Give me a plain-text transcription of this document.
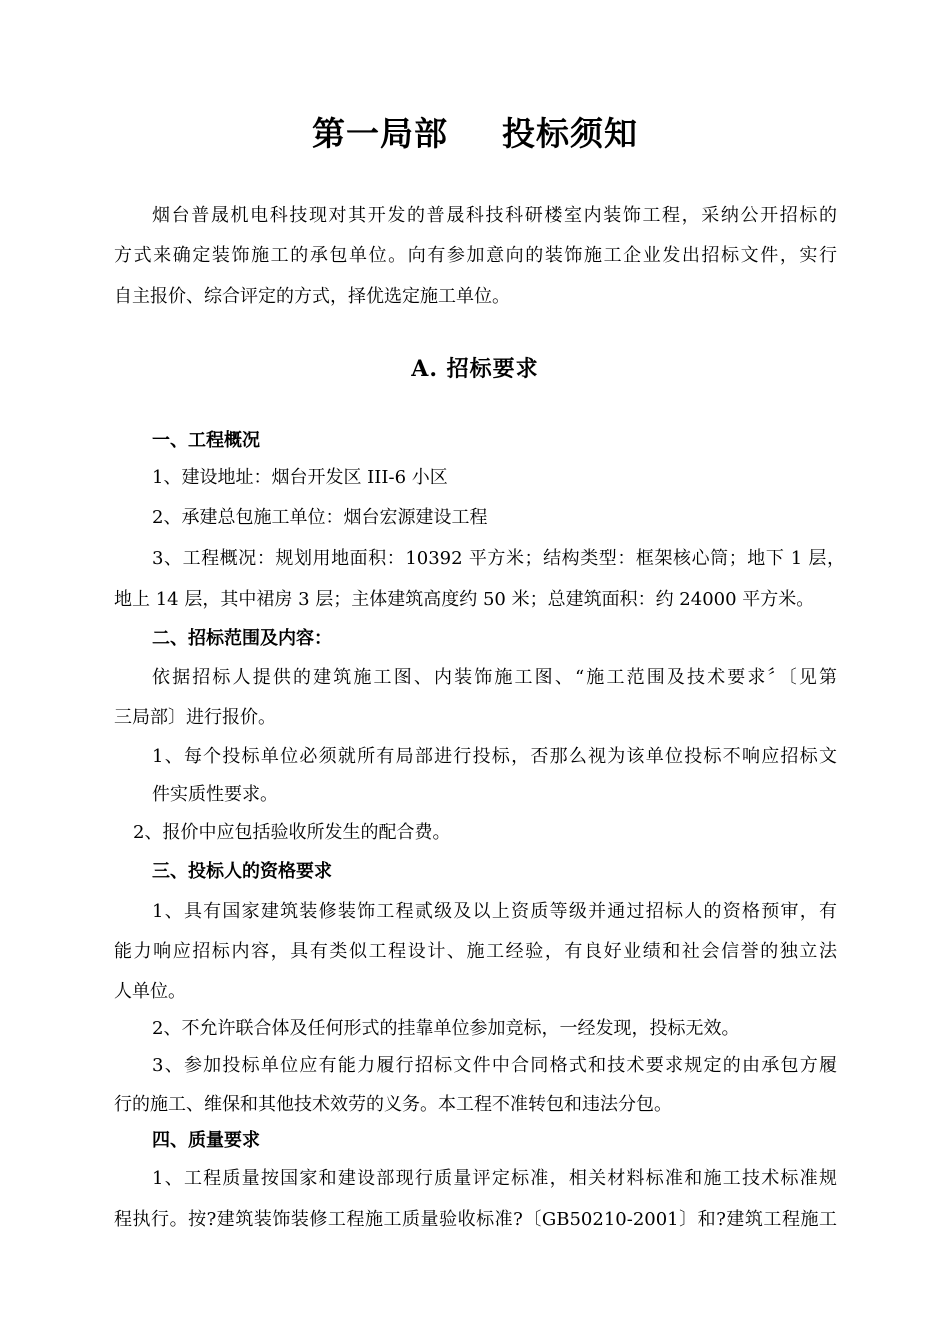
第一局部 投标须知
烟台普晟机电科技现对其开发的普晟科技科研楼室内装饰工程，采纳公开招标的
方式来确定装饰施工的承包单位。向有参加意向的装饰施工企业发出招标文件，实行
自主报价、综合评定的方式，择优选定施工单位。
A. 招标要求
一、工程概况
1、建设地址：烟台开发区 III-6 小区
2、承建总包施工单位：烟台宏源建设工程
3、工程概况：规划用地面积：10392 平方米；结构类型：框架核心筒；地下 1 层，
地上 14 层，其中裙房 3 层；主体建筑高度约 50 米；总建筑面积：约 24000 平方米。
二、招标范围及内容：
依据招标人提供的建筑施工图、内装饰施工图、“施工范围及技术要求〞〔见第
三局部〕进行报价。
1、每个投标单位必须就所有局部进行投标，否那么视为该单位投标不响应招标文
件实质性要求。
2、报价中应包括验收所发生的配合费。
三、投标人的资格要求
1、具有国家建筑装修装饰工程贰级及以上资质等级并通过招标人的资格预审，有
能力响应招标内容，具有类似工程设计、施工经验，有良好业绩和社会信誉的独立法
人单位。
2、不允许联合体及任何形式的挂靠单位参加竞标，一经发现，投标无效。
3、参加投标单位应有能力履行招标文件中合同格式和技术要求规定的由承包方履
行的施工、维保和其他技术效劳的义务。本工程不准转包和违法分包。
四、质量要求
1、工程质量按国家和建设部现行质量评定标准，相关材料标准和施工技术标准规
程执行。按?建筑装饰装修工程施工质量验收标准?〔GB50210-2001〕和?建筑工程施工
